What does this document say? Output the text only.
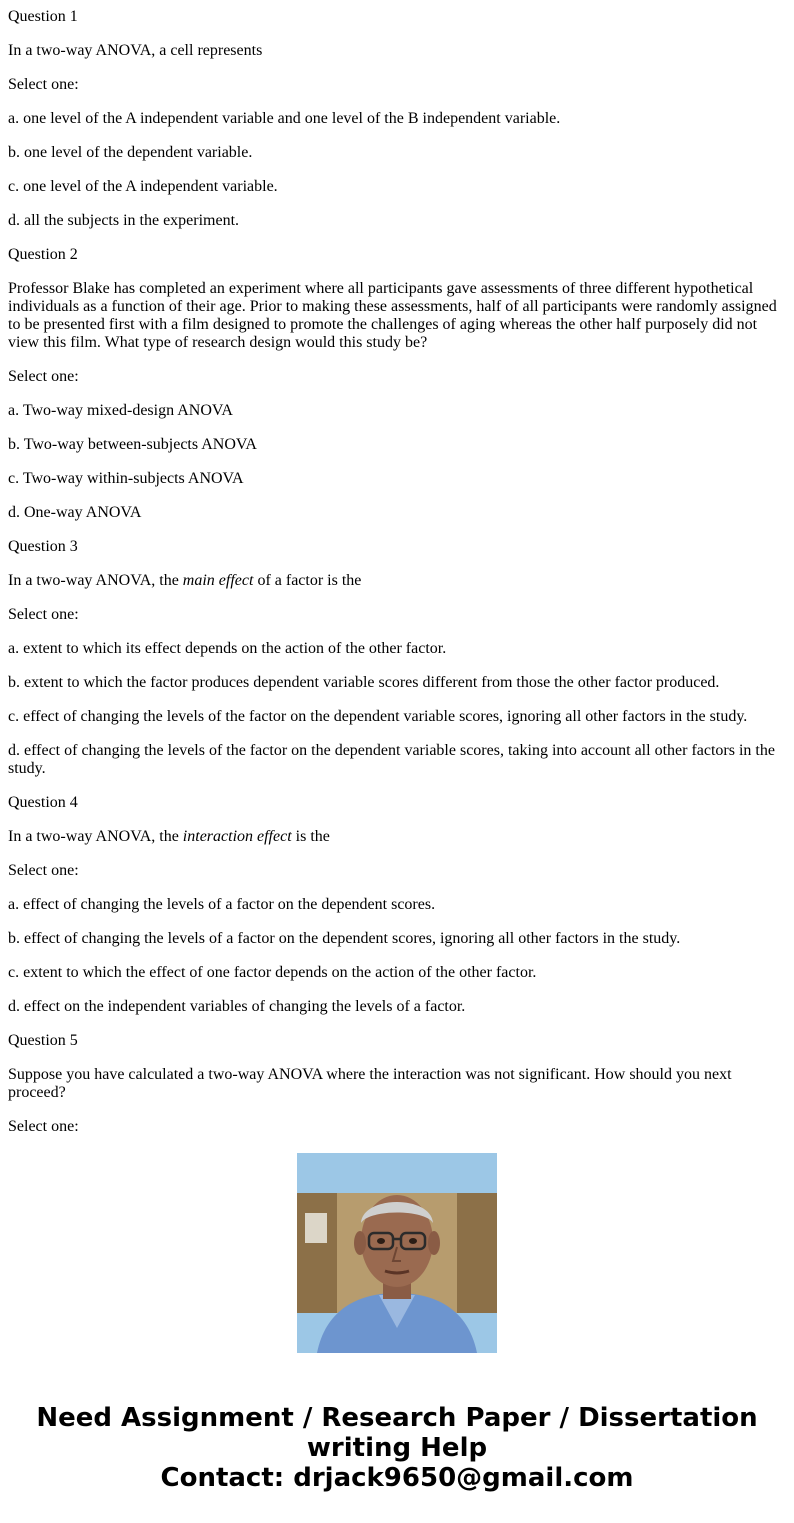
Question 1

In a two-way ANOVA, a cell represents

Select one:

a. one level of the A independent variable and one level of the B independent variable.

b. one level of the dependent variable.

c. one level of the A independent variable.

d. all the subjects in the experiment.

Question 2

Professor Blake has completed an experiment where all participants gave assessments of three different hypothetical individuals as a function of their age. Prior to making these assessments, half of all participants were randomly assigned to be presented first with a film designed to promote the challenges of aging whereas the other half purposely did not view this film. What type of research design would this study be?

Select one:

a. Two-way mixed-design ANOVA

b. Two-way between-subjects ANOVA

c. Two-way within-subjects ANOVA

d. One-way ANOVA

Question 3

In a two-way ANOVA, the main effect of a factor is the

Select one:

a. extent to which its effect depends on the action of the other factor.

b. extent to which the factor produces dependent variable scores different from those the other factor produced.

c. effect of changing the levels of the factor on the dependent variable scores, ignoring all other factors in the study.

d. effect of changing the levels of the factor on the dependent variable scores, taking into account all other factors in the study.

Question 4

In a two-way ANOVA, the interaction effect is the

Select one:

a. effect of changing the levels of a factor on the dependent scores.

b. effect of changing the levels of a factor on the dependent scores, ignoring all other factors in the study.

c. extent to which the effect of one factor depends on the action of the other factor.

d. effect on the independent variables of changing the levels of a factor.

Question 5

Suppose you have calculated a two-way ANOVA where the interaction was not significant. How should you next proceed?

Select one:

Need Assignment / Research Paper / Dissertation
writing Help
Contact: drjack9650@gmail.com
